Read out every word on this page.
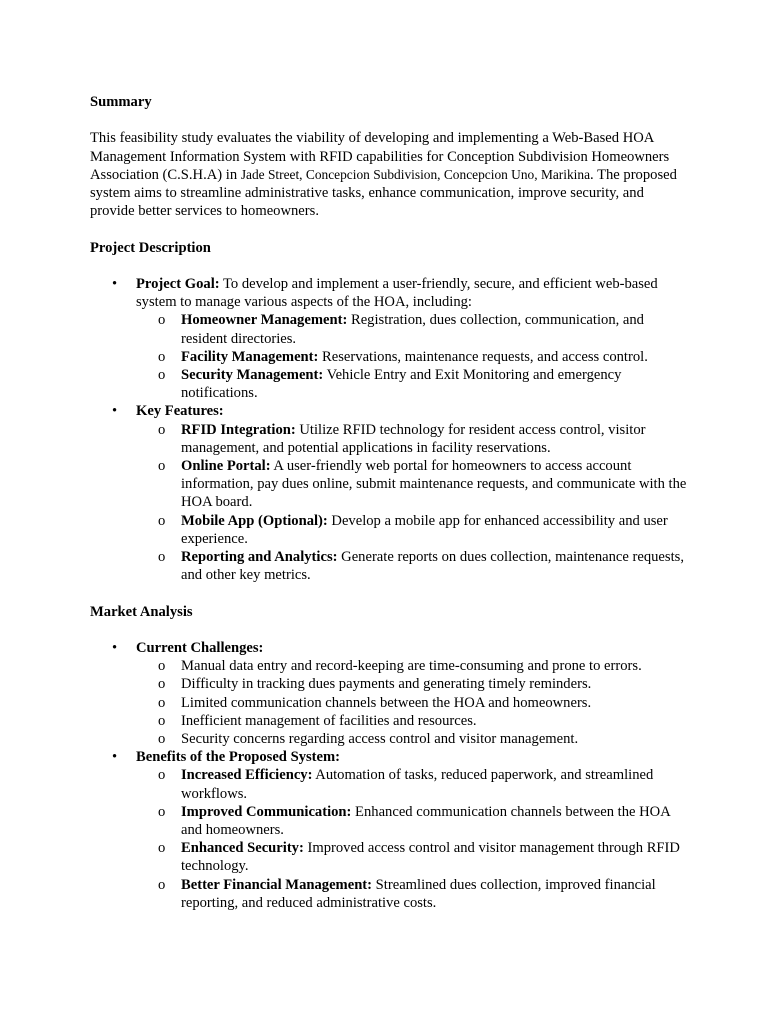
Summary

This feasibility study evaluates the viability of developing and implementing a Web-Based HOA Management Information System with RFID capabilities for Conception Subdivision Homeowners Association (C.S.H.A) in Jade Street, Concepcion Subdivision, Concepcion Uno, Marikina. The proposed system aims to streamline administrative tasks, enhance communication, improve security, and provide better services to homeowners.

Project Description
• Project Goal: To develop and implement a user-friendly, secure, and efficient web-based system to manage various aspects of the HOA, including:
o Homeowner Management: Registration, dues collection, communication, and resident directories.
o Facility Management: Reservations, maintenance requests, and access control.
o Security Management: Vehicle Entry and Exit Monitoring and emergency notifications.
• Key Features:
o RFID Integration: Utilize RFID technology for resident access control, visitor management, and potential applications in facility reservations.
o Online Portal: A user-friendly web portal for homeowners to access account information, pay dues online, submit maintenance requests, and communicate with the HOA board.
o Mobile App (Optional): Develop a mobile app for enhanced accessibility and user experience.
o Reporting and Analytics: Generate reports on dues collection, maintenance requests, and other key metrics.
Market Analysis
• Current Challenges:
o Manual data entry and record-keeping are time-consuming and prone to errors.
o Difficulty in tracking dues payments and generating timely reminders.
o Limited communication channels between the HOA and homeowners.
o Inefficient management of facilities and resources.
o Security concerns regarding access control and visitor management.
• Benefits of the Proposed System:
o Increased Efficiency: Automation of tasks, reduced paperwork, and streamlined workflows.
o Improved Communication: Enhanced communication channels between the HOA and homeowners.
o Enhanced Security: Improved access control and visitor management through RFID technology.
o Better Financial Management: Streamlined dues collection, improved financial reporting, and reduced administrative costs.
